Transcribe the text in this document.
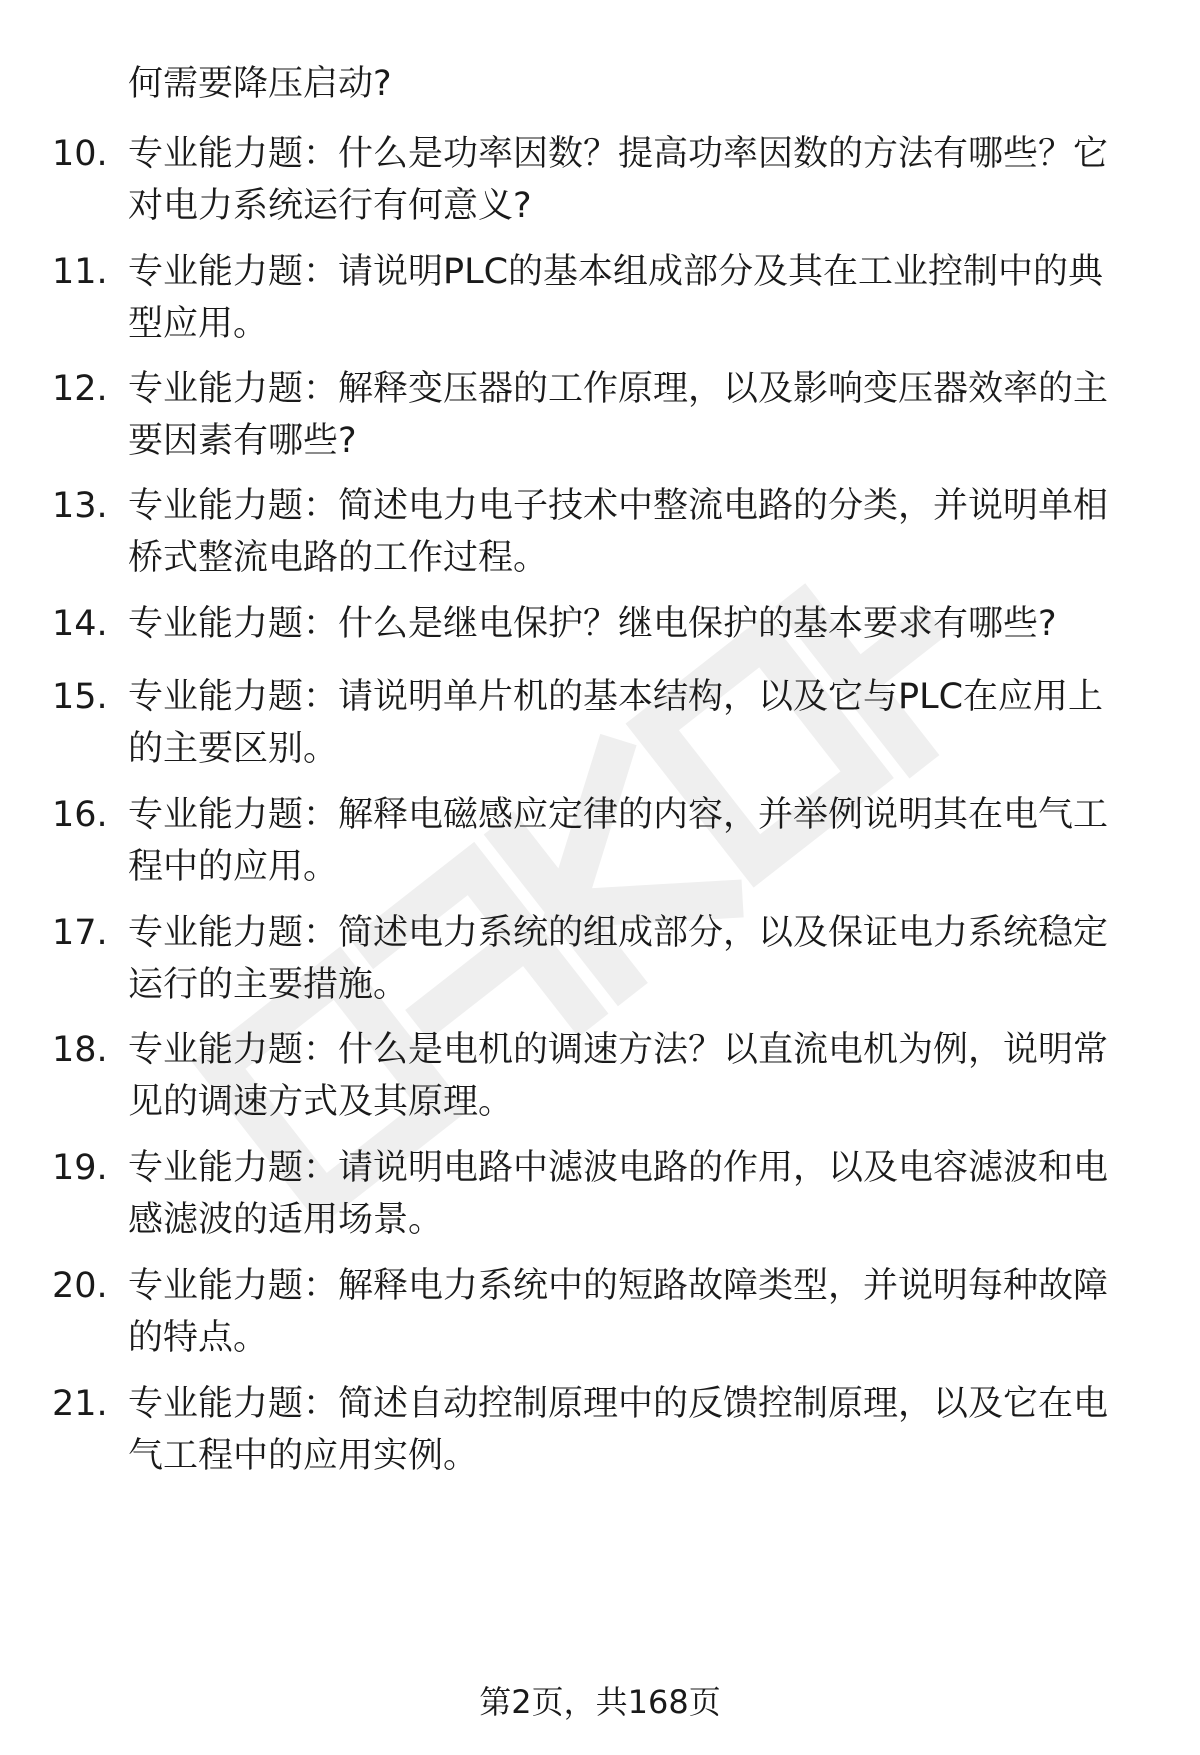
何需要降压启动?
10. 专业能力题：什么是功率因数？提高功率因数的方法有哪些？它
对电力系统运行有何意义?
11. 专业能力题：请说明PLC的基本组成部分及其在工业控制中的典
型应用。
12. 专业能力题：解释变压器的工作原理，以及影响变压器效率的主
要因素有哪些?
13. 专业能力题：简述电力电子技术中整流电路的分类，并说明单相
桥式整流电路的工作过程。
14. 专业能力题：什么是继电保护？继电保护的基本要求有哪些?
15. 专业能力题：请说明单片机的基本结构，以及它与PLC在应用上
的主要区别。
16. 专业能力题：解释电磁感应定律的内容，并举例说明其在电气工
程中的应用。
17. 专业能力题：简述电力系统的组成部分，以及保证电力系统稳定
运行的主要措施。
18. 专业能力题：什么是电机的调速方法？以直流电机为例，说明常
见的调速方式及其原理。
19. 专业能力题：请说明电路中滤波电路的作用，以及电容滤波和电
感滤波的适用场景。
20. 专业能力题：解释电力系统中的短路故障类型，并说明每种故障
的特点。
21. 专业能力题：简述自动控制原理中的反馈控制原理，以及它在电
气工程中的应用实例。
第2页，共168页
